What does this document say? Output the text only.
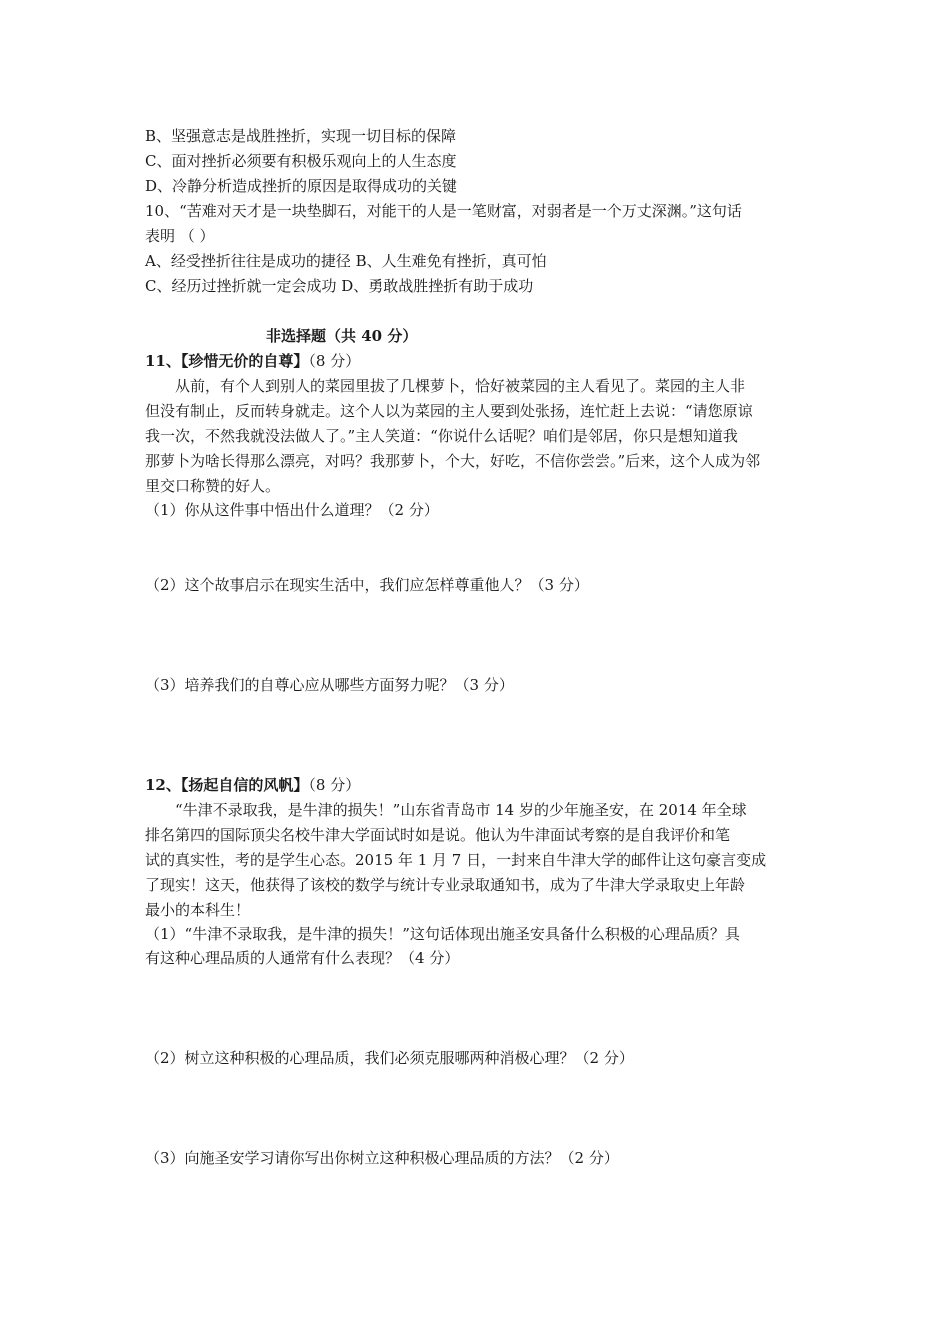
B、坚强意志是战胜挫折，实现一切目标的保障
C、面对挫折必须要有积极乐观向上的人生态度
D、冷静分析造成挫折的原因是取得成功的关键
10、“苦难对天才是一块垫脚石，对能干的人是一笔财富，对弱者是一个万丈深渊。”这句话
表明 （ ）
A、经受挫折往往是成功的捷径 B、人生难免有挫折，真可怕
C、经历过挫折就一定会成功 D、勇敢战胜挫折有助于成功
非选择题（共 40 分）
11、【珍惜无价的自尊】（8 分）
从前，有个人到别人的菜园里拔了几棵萝卜，恰好被菜园的主人看见了。菜园的主人非
但没有制止，反而转身就走。这个人以为菜园的主人要到处张扬，连忙赶上去说：“请您原谅
我一次，不然我就没法做人了。”主人笑道：“你说什么话呢？咱们是邻居，你只是想知道我
那萝卜为啥长得那么漂亮，对吗？我那萝卜，个大，好吃，不信你尝尝。”后来，这个人成为邻
里交口称赞的好人。
（1）你从这件事中悟出什么道理？（2 分）
（2）这个故事启示在现实生活中，我们应怎样尊重他人？（3 分）
（3）培养我们的自尊心应从哪些方面努力呢？（3 分）
12、【扬起自信的风帆】（8 分）
“牛津不录取我，是牛津的损失！”山东省青岛市 14 岁的少年施圣安，在 2014 年全球
排名第四的国际顶尖名校牛津大学面试时如是说。他认为牛津面试考察的是自我评价和笔
试的真实性，考的是学生心态。2015 年 1 月 7 日，一封来自牛津大学的邮件让这句豪言变成
了现实！这天，他获得了该校的数学与统计专业录取通知书，成为了牛津大学录取史上年龄
最小的本科生！
（1）“牛津不录取我，是牛津的损失！”这句话体现出施圣安具备什么积极的心理品质？具
有这种心理品质的人通常有什么表现？（4 分）
（2）树立这种积极的心理品质，我们必须克服哪两种消极心理？（2 分）
（3）向施圣安学习请你写出你树立这种积极心理品质的方法？（2 分）
